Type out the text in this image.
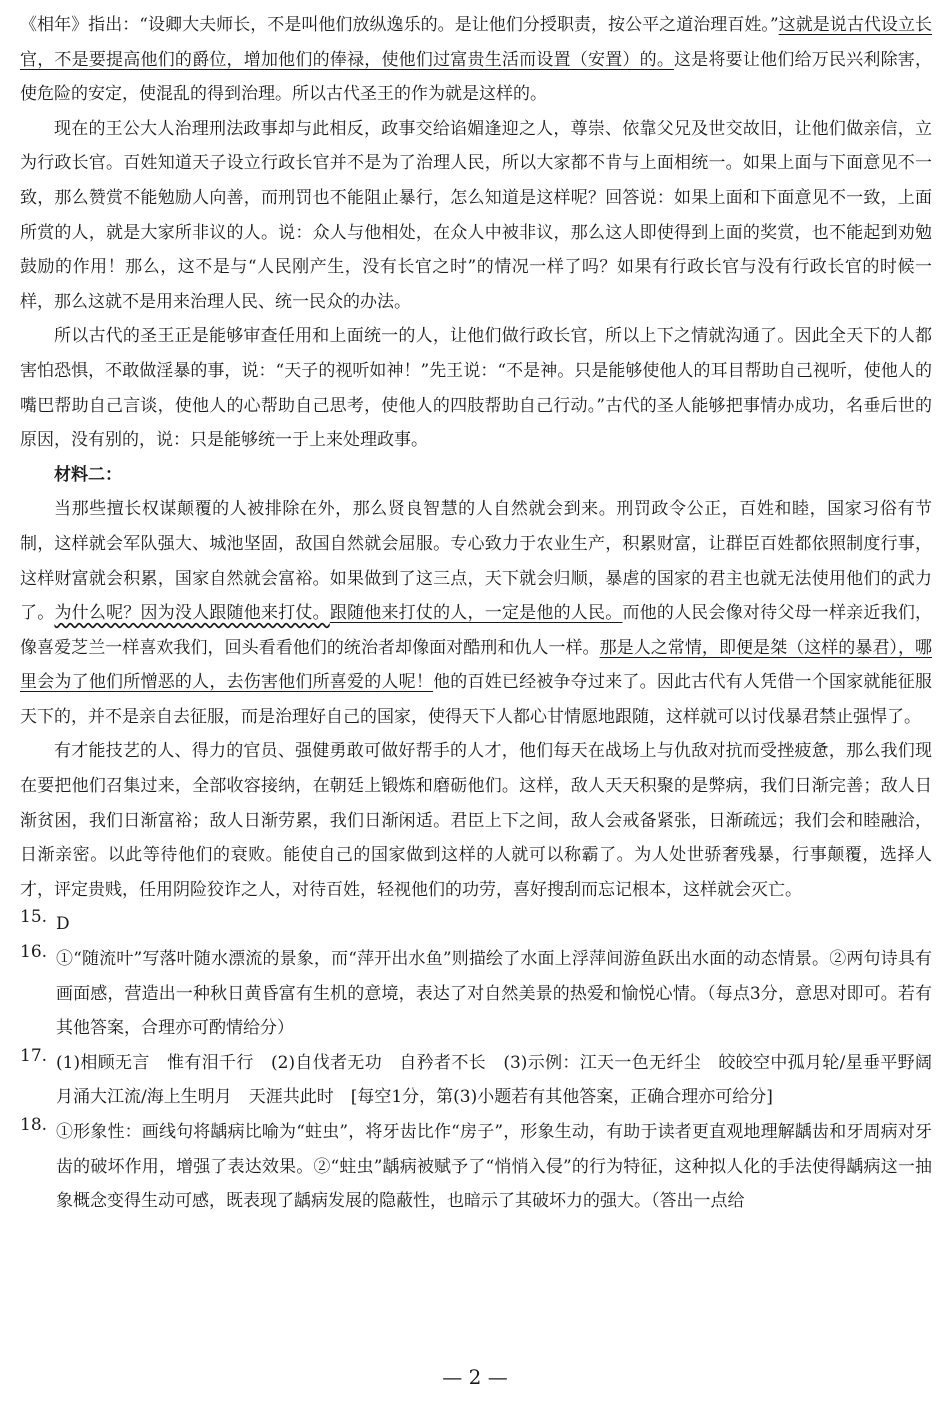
《相年》指出：“设卿大夫师长，不是叫他们放纵逸乐的。是让他们分授职责，按公平之道治理百姓。”这就是说古代设立长官，不是要提高他们的爵位，增加他们的俸禄，使他们过富贵生活而设置（安置）的。这是将要让他们给万民兴利除害，使危险的安定，使混乱的得到治理。所以古代圣王的作为就是这样的。

现在的王公大人治理刑法政事却与此相反，政事交给谄媚逢迎之人，尊崇、依靠父兄及世交故旧，让他们做亲信，立为行政长官。百姓知道天子设立行政长官并不是为了治理人民，所以大家都不肯与上面相统一。如果上面与下面意见不一致，那么赞赏不能勉励人向善，而刑罚也不能阻止暴行，怎么知道是这样呢？回答说：如果上面和下面意见不一致，上面所赏的人，就是大家所非议的人。说：众人与他相处，在众人中被非议，那么这人即使得到上面的奖赏，也不能起到劝勉鼓励的作用！那么，这不是与“人民刚产生，没有长官之时”的情况一样了吗？如果有行政长官与没有行政长官的时候一样，那么这就不是用来治理人民、统一民众的办法。

所以古代的圣王正是能够审查任用和上面统一的人，让他们做行政长官，所以上下之情就沟通了。因此全天下的人都害怕恐惧，不敢做淫暴的事，说：“天子的视听如神！”先王说：“不是神。只是能够使他人的耳目帮助自己视听，使他人的嘴巴帮助自己言谈，使他人的心帮助自己思考，使他人的四肢帮助自己行动。”古代的圣人能够把事情办成功，名垂后世的原因，没有别的，说：只是能够统一于上来处理政事。

材料二：

当那些擅长权谋颠覆的人被排除在外，那么贤良智慧的人自然就会到来。刑罚政令公正，百姓和睦，国家习俗有节制，这样就会军队强大、城池坚固，敌国自然就会屈服。专心致力于农业生产，积累财富，让群臣百姓都依照制度行事，这样财富就会积累，国家自然就会富裕。如果做到了这三点，天下就会归顺，暴虐的国家的君主也就无法使用他们的武力了。为什么呢？因为没人跟随他来打仗。跟随他来打仗的人，一定是他的人民。而他的人民会像对待父母一样亲近我们，像喜爱芝兰一样喜欢我们，回头看看他们的统治者却像面对酷刑和仇人一样。那是人之常情，即便是桀（这样的暴君），哪里会为了他们所憎恶的人，去伤害他们所喜爱的人呢！他的百姓已经被争夺过来了。因此古代有人凭借一个国家就能征服天下的，并不是亲自去征服，而是治理好自己的国家，使得天下人都心甘情愿地跟随，这样就可以讨伐暴君禁止强悍了。

有才能技艺的人、得力的官员、强健勇敢可做好帮手的人才，他们每天在战场上与仇敌对抗而受挫疲惫，那么我们现在要把他们召集过来，全部收容接纳，在朝廷上锻炼和磨砺他们。这样，敌人天天积聚的是弊病，我们日渐完善；敌人日渐贫困，我们日渐富裕；敌人日渐劳累，我们日渐闲适。君臣上下之间，敌人会戒备紧张，日渐疏远；我们会和睦融洽，日渐亲密。以此等待他们的衰败。能使自己的国家做到这样的人就可以称霸了。为人处世骄奢残暴，行事颠覆，选择人才，评定贵贱，任用阴险狡诈之人，对待百姓，轻视他们的功劳，喜好搜刮而忘记根本，这样就会灭亡。

15. D

16. ①“随流叶”写落叶随水漂流的景象，而“萍开出水鱼”则描绘了水面上浮萍间游鱼跃出水面的动态情景。②两句诗具有画面感，营造出一种秋日黄昏富有生机的意境，表达了对自然美景的热爱和愉悦心情。（每点3分，意思对即可。若有其他答案，合理亦可酌情给分）

17. (1)相顾无言　惟有泪千行　(2)自伐者无功　自矜者不长　(3)示例：江天一色无纤尘　皎皎空中孤月轮/星垂平野阔　月涌大江流/海上生明月　天涯共此时　[每空1分，第(3)小题若有其他答案，正确合理亦可给分]

18. ①形象性：画线句将龋病比喻为“蛀虫”，将牙齿比作“房子”，形象生动，有助于读者更直观地理解龋齿和牙周病对牙齿的破坏作用，增强了表达效果。②“蛀虫”龋病被赋予了“悄悄入侵”的行为特征，这种拟人化的手法使得龋病这一抽象概念变得生动可感，既表现了龋病发展的隐蔽性，也暗示了其破坏力的强大。（答出一点给

— 2 —
